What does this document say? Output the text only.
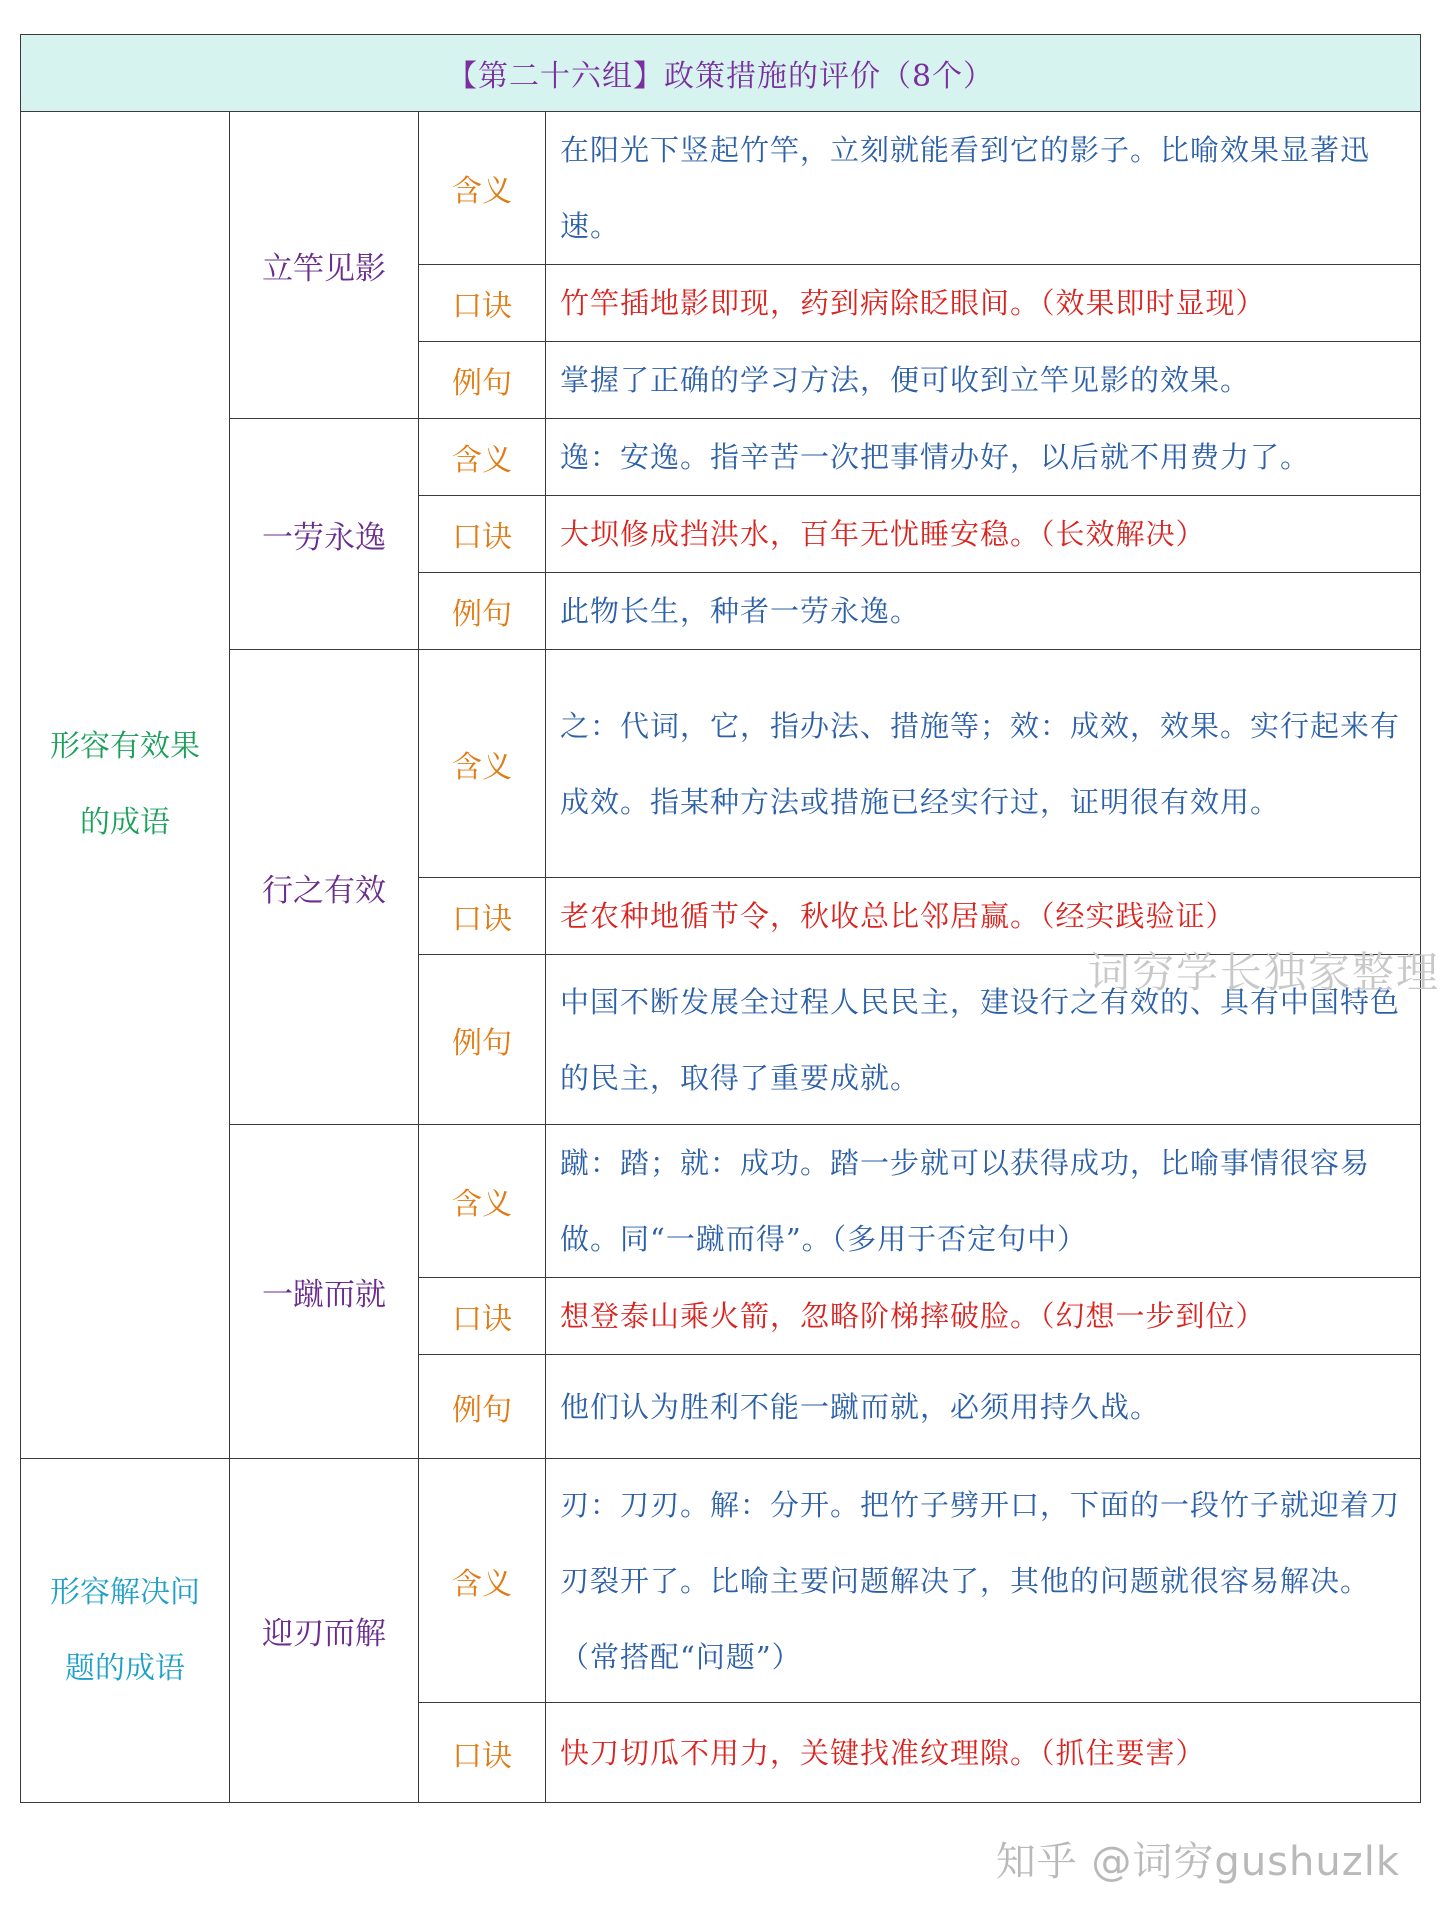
【第二十六组】政策措施的评价（8个）			
形容有效果的成语	立竿见影	含义	在阳光下竖起竹竿，立刻就能看到它的影子。比喻效果显著迅速。
		口诀	竹竿插地影即现，药到病除眨眼间。（效果即时显现）
		例句	掌握了正确的学习方法，便可收到立竿见影的效果。
	一劳永逸	含义	逸：安逸。指辛苦一次把事情办好，以后就不用费力了。
		口诀	大坝修成挡洪水，百年无忧睡安稳。（长效解决）
		例句	此物长生，种者一劳永逸。
	行之有效	含义	之：代词，它，指办法、措施等；效：成效，效果。实行起来有成效。指某种方法或措施已经实行过，证明很有效用。
		口诀	老农种地循节令，秋收总比邻居赢。（经实践验证）
		例句	中国不断发展全过程人民民主，建设行之有效的、具有中国特色的民主，取得了重要成就。
	一蹴而就	含义	蹴：踏；就：成功。踏一步就可以获得成功，比喻事情很容易做。同“一蹴而得”。（多用于否定句中）
		口诀	想登泰山乘火箭，忽略阶梯摔破脸。（幻想一步到位）
		例句	他们认为胜利不能一蹴而就，必须用持久战。
形容解决问题的成语	迎刃而解	含义	刃：刀刃。解：分开。把竹子劈开口，下面的一段竹子就迎着刀刃裂开了。比喻主要问题解决了，其他的问题就很容易解决。（常搭配“问题”）
		口诀	快刀切瓜不用力，关键找准纹理隙。（抓住要害）
词穷学长独家整理
知乎 @词穷gushuzlk
